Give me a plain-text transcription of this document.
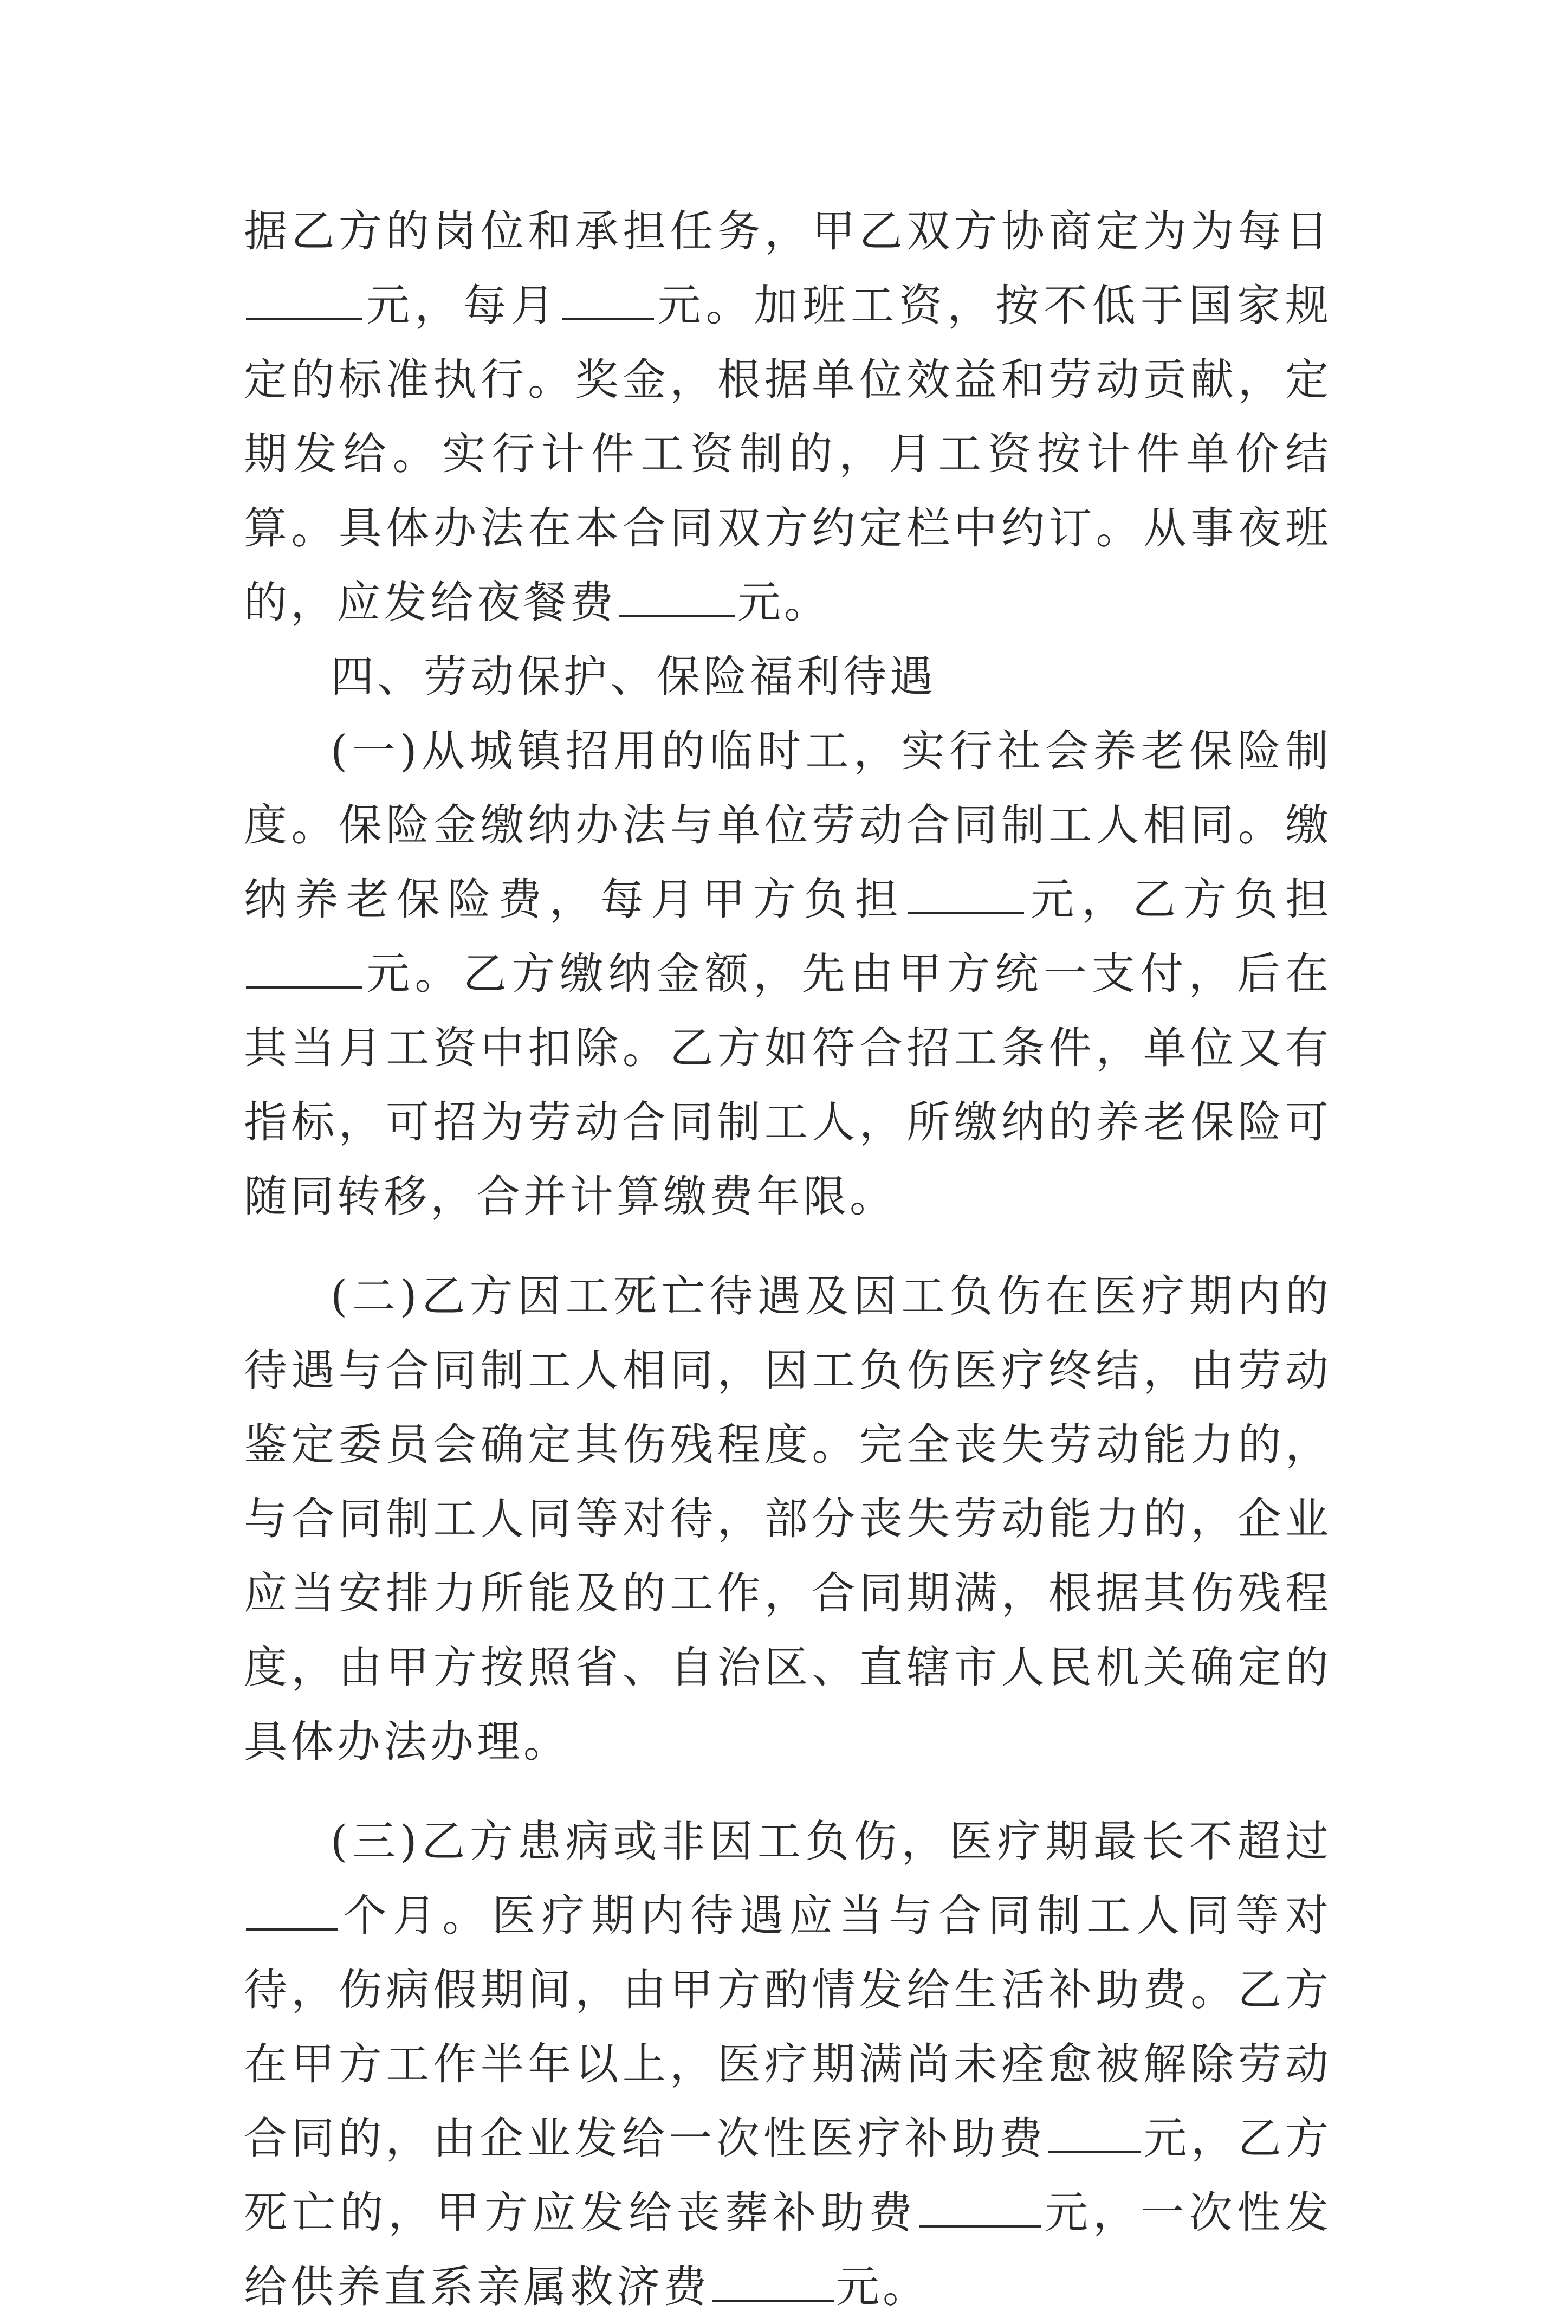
据乙方的岗位和承担任务，甲乙双方协商定为为每日元，每月 元。加班工资，按不低于国家规定的标准执行。奖金，根据单位效益和劳动贡献，定期发给。实行计件工资制的，月工资按计件单价结算。具体办法在本合同双方约定栏中约订。从事夜班的，应发给夜餐费	元。

四、劳动保护、保险福利待遇

(一)从城镇招用的临时工，实行社会养老保险制度。保险金缴纳办法与单位劳动合同制工人相同。缴纳养老保险费，每月甲方负担	元，乙方负担元。乙方缴纳金额，先由甲方统一支付，后在其当月工资中扣除。乙方如符合招工条件，单位又有指标，可招为劳动合同制工人，所缴纳的养老保险可随同转移，合并计算缴费年限。

(二)乙方因工死亡待遇及因工负伤在医疗期内的待遇与合同制工人相同，因工负伤医疗终结，由劳动鉴定委员会确定其伤残程度。完全丧失劳动能力的，与合同制工人同等对待，部分丧失劳动能力的，企业应当安排力所能及的工作，合同期满，根据其伤残程度，由甲方按照省、自治区、直辖市人民机关确定的具体办法办理。

(三)乙方患病或非因工负伤，医疗期最长不超过个月。医疗期内待遇应当与合同制工人同等对待，伤病假期间，由甲方酌情发给生活补助费。乙方在甲方工作半年以上，医疗期满尚未痊愈被解除劳动合同的，由企业发给一次性医疗补助费 元，乙方死亡的，甲方应发给丧葬补助费	元，一次性发给供养直系亲属救济费	元。
